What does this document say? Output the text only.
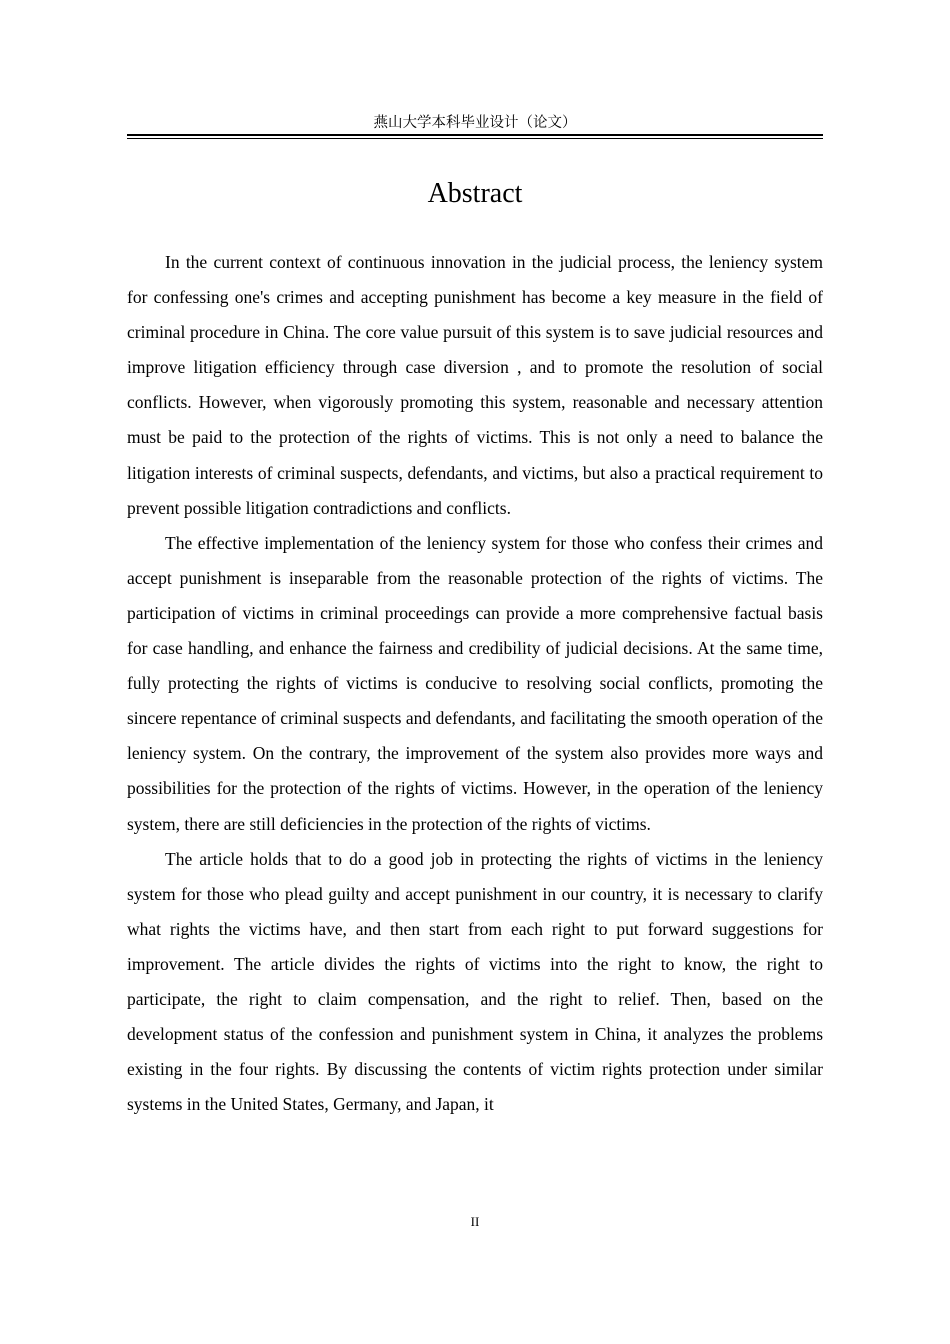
燕山大学本科毕业设计（论文）
Abstract

In the current context of continuous innovation in the judicial process, the leniency system for confessing one's crimes and accepting punishment has become a key measure in the field of criminal procedure in China. The core value pursuit of this system is to save judicial resources and improve litigation efficiency through case diversion , and to promote the resolution of social conflicts. However, when vigorously promoting this system, reasonable and necessary attention must be paid to the protection of the rights of victims. This is not only a need to balance the litigation interests of criminal suspects, defendants, and victims, but also a practical requirement to prevent possible litigation contradictions and conflicts.

The effective implementation of the leniency system for those who confess their crimes and accept punishment is inseparable from the reasonable protection of the rights of victims. The participation of victims in criminal proceedings can provide a more comprehensive factual basis for case handling, and enhance the fairness and credibility of judicial decisions. At the same time, fully protecting the rights of victims is conducive to resolving social conflicts, promoting the sincere repentance of criminal suspects and defendants, and facilitating the smooth operation of the leniency system. On the contrary, the improvement of the system also provides more ways and possibilities for the protection of the rights of victims. However, in the operation of the leniency system, there are still deficiencies in the protection of the rights of victims.

The article holds that to do a good job in protecting the rights of victims in the leniency system for those who plead guilty and accept punishment in our country, it is necessary to clarify what rights the victims have, and then start from each right to put forward suggestions for improvement. The article divides the rights of victims into the right to know, the right to participate, the right to claim compensation, and the right to relief. Then, based on the development status of the confession and punishment system in China, it analyzes the problems existing in the four rights. By discussing the contents of victim rights protection under similar systems in the United States, Germany, and Japan, it

II
